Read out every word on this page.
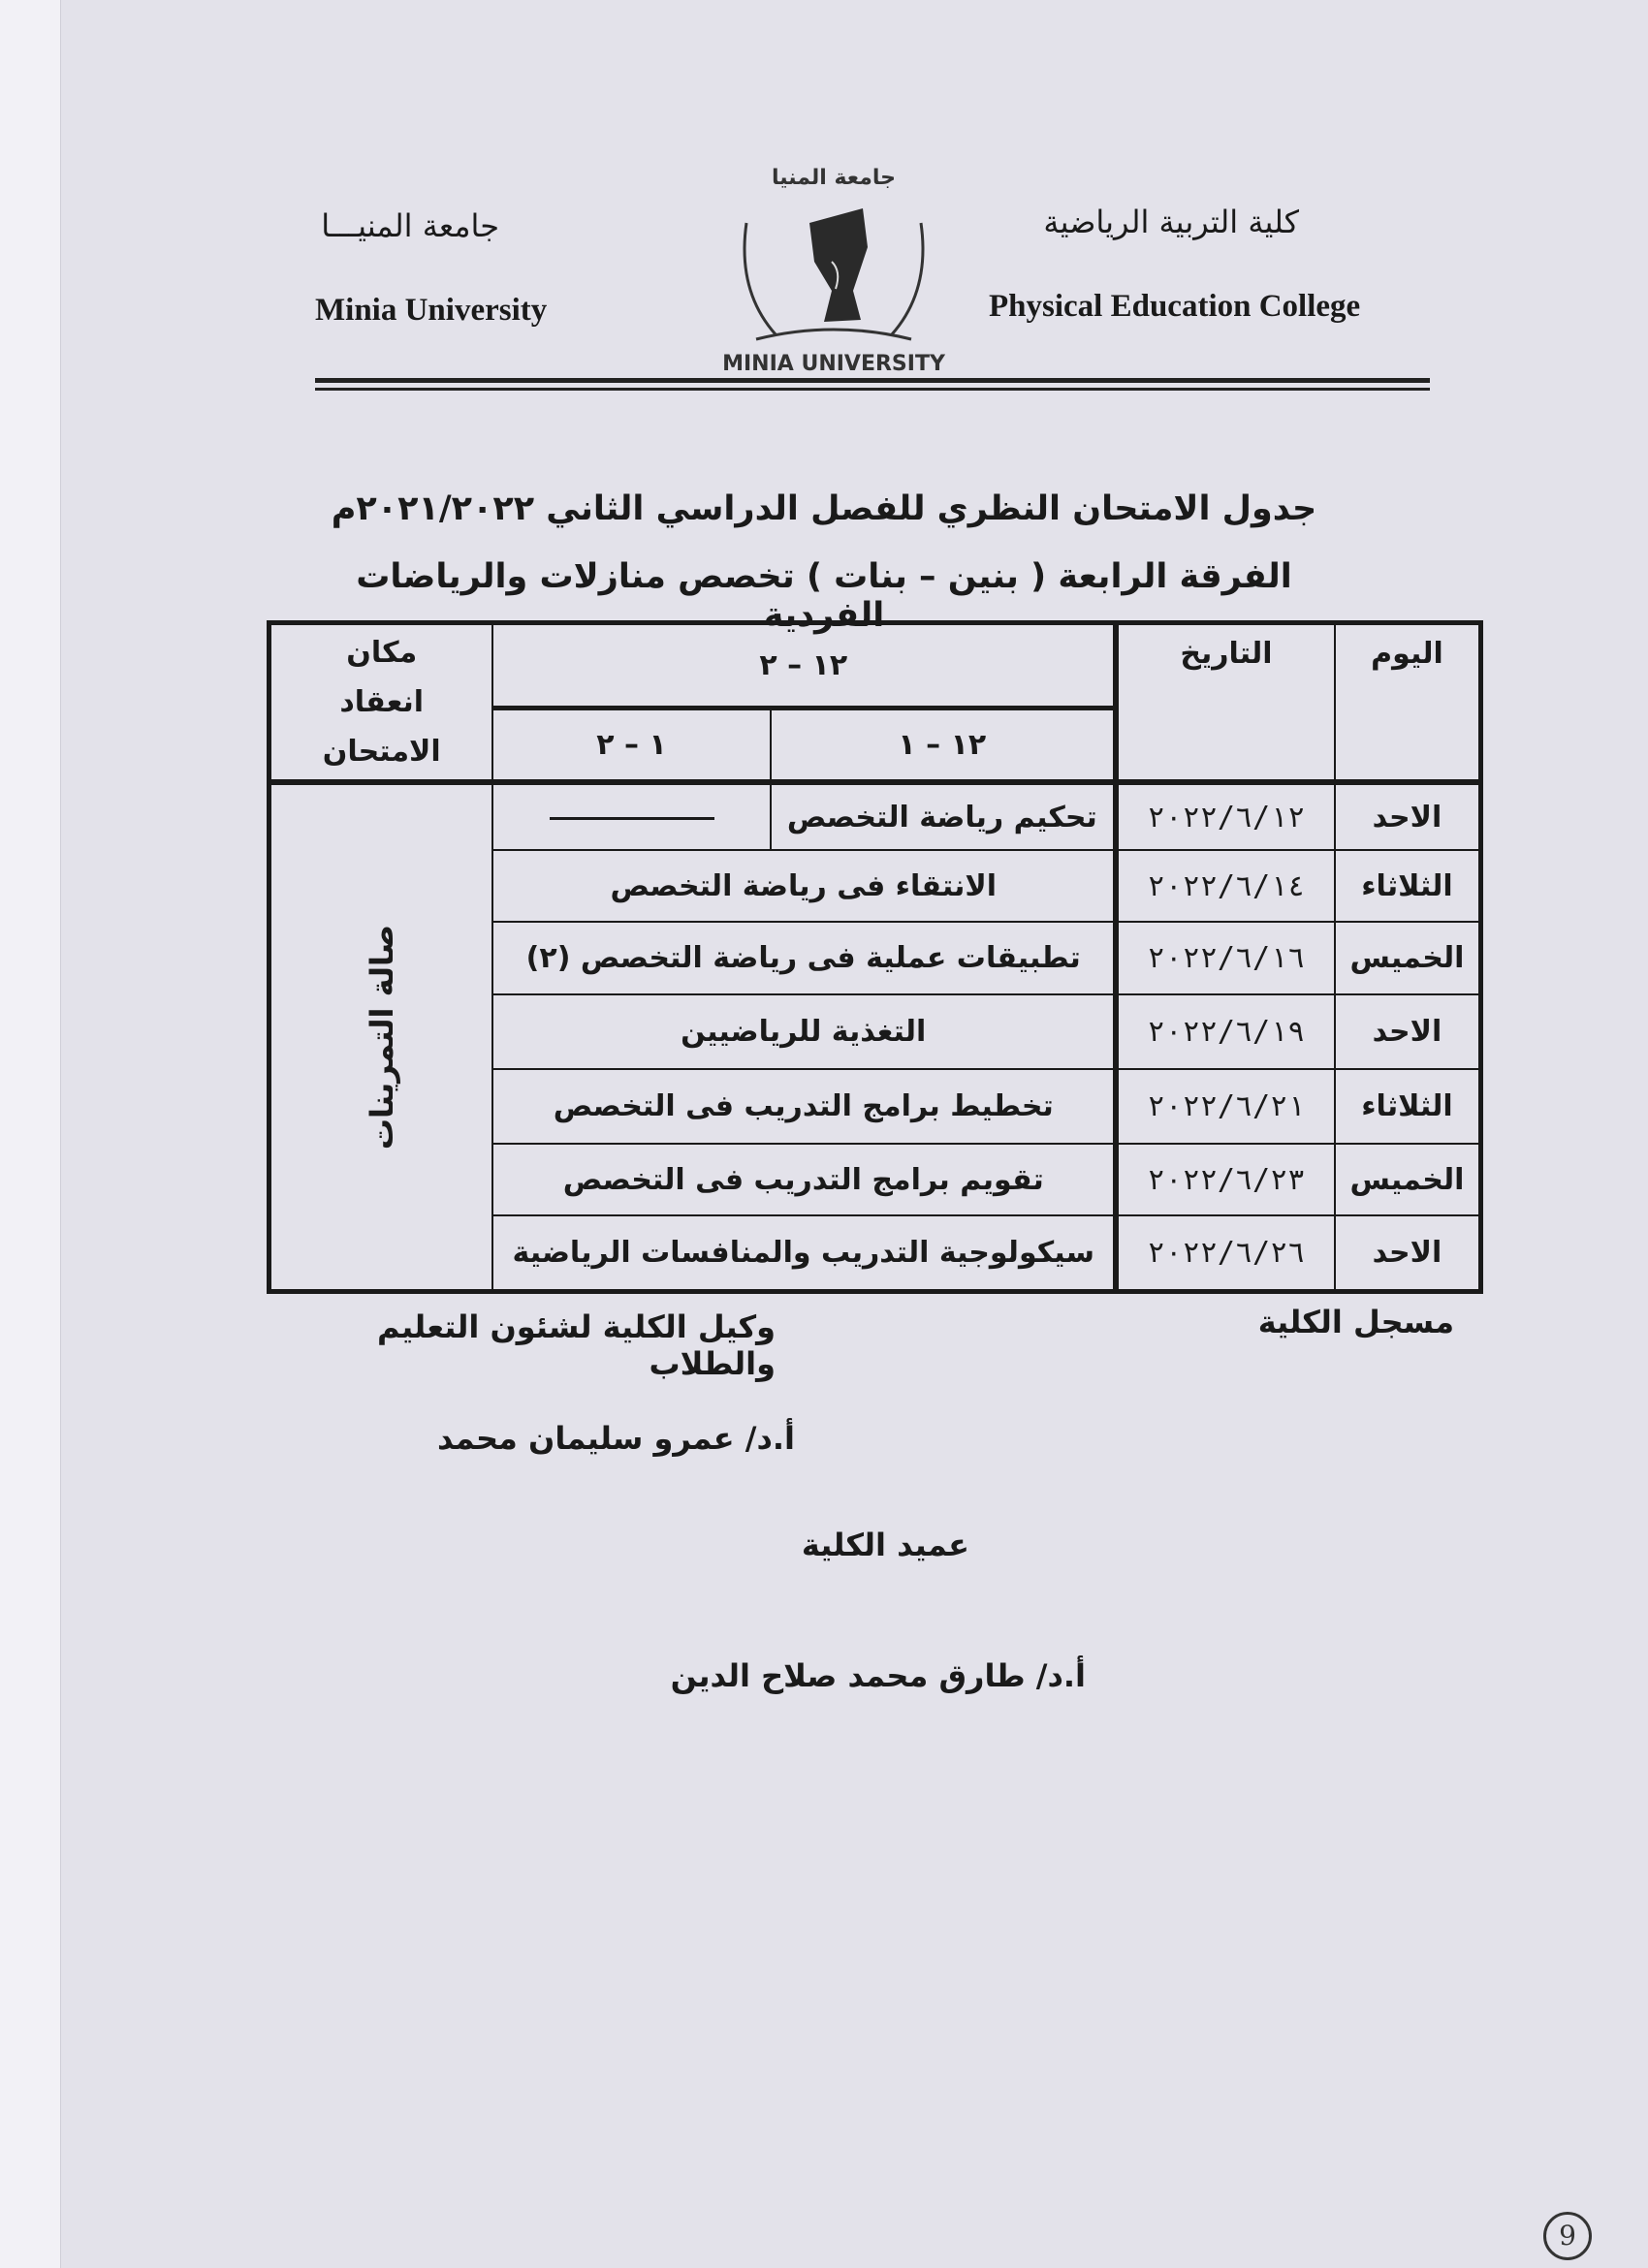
كلية التربية الرياضية
Physical Education College
جامعة المنيـــا
Minia University
جامعة المنيا
MINIA UNIVERSITY
جدول الامتحان النظري للفصل الدراسي الثاني ٢٠٢١/٢٠٢٢م
الفرقة الرابعة ( بنين – بنات ) تخصص منازلات والرياضات الفردية
اليوم	التاريخ	١٢ – ٢		مكان انعقاد الامتحان
		١٢ – ١	١ – ٢	
الاحد	٢٠٢٢/٦/١٢	تحكيم رياضة التخصص		صالة التمرينات

الثلاثاء	٢٠٢٢/٦/١٤	الانتقاء فى رياضة التخصص		
الخميس	٢٠٢٢/٦/١٦	تطبيقات عملية فى رياضة التخصص (٢)		
الاحد	٢٠٢٢/٦/١٩	التغذية للرياضيين		
الثلاثاء	٢٠٢٢/٦/٢١	تخطيط برامج التدريب فى التخصص		
الخميس	٢٠٢٢/٦/٢٣	تقويم برامج التدريب فى التخصص		
الاحد	٢٠٢٢/٦/٢٦	سيكولوجية التدريب والمنافسات الرياضية		
مسجل الكلية
وكيل الكلية لشئون التعليم والطلاب
أ.د/ عمرو سليمان محمد
عميد الكلية
أ.د/ طارق محمد صلاح الدين
9
